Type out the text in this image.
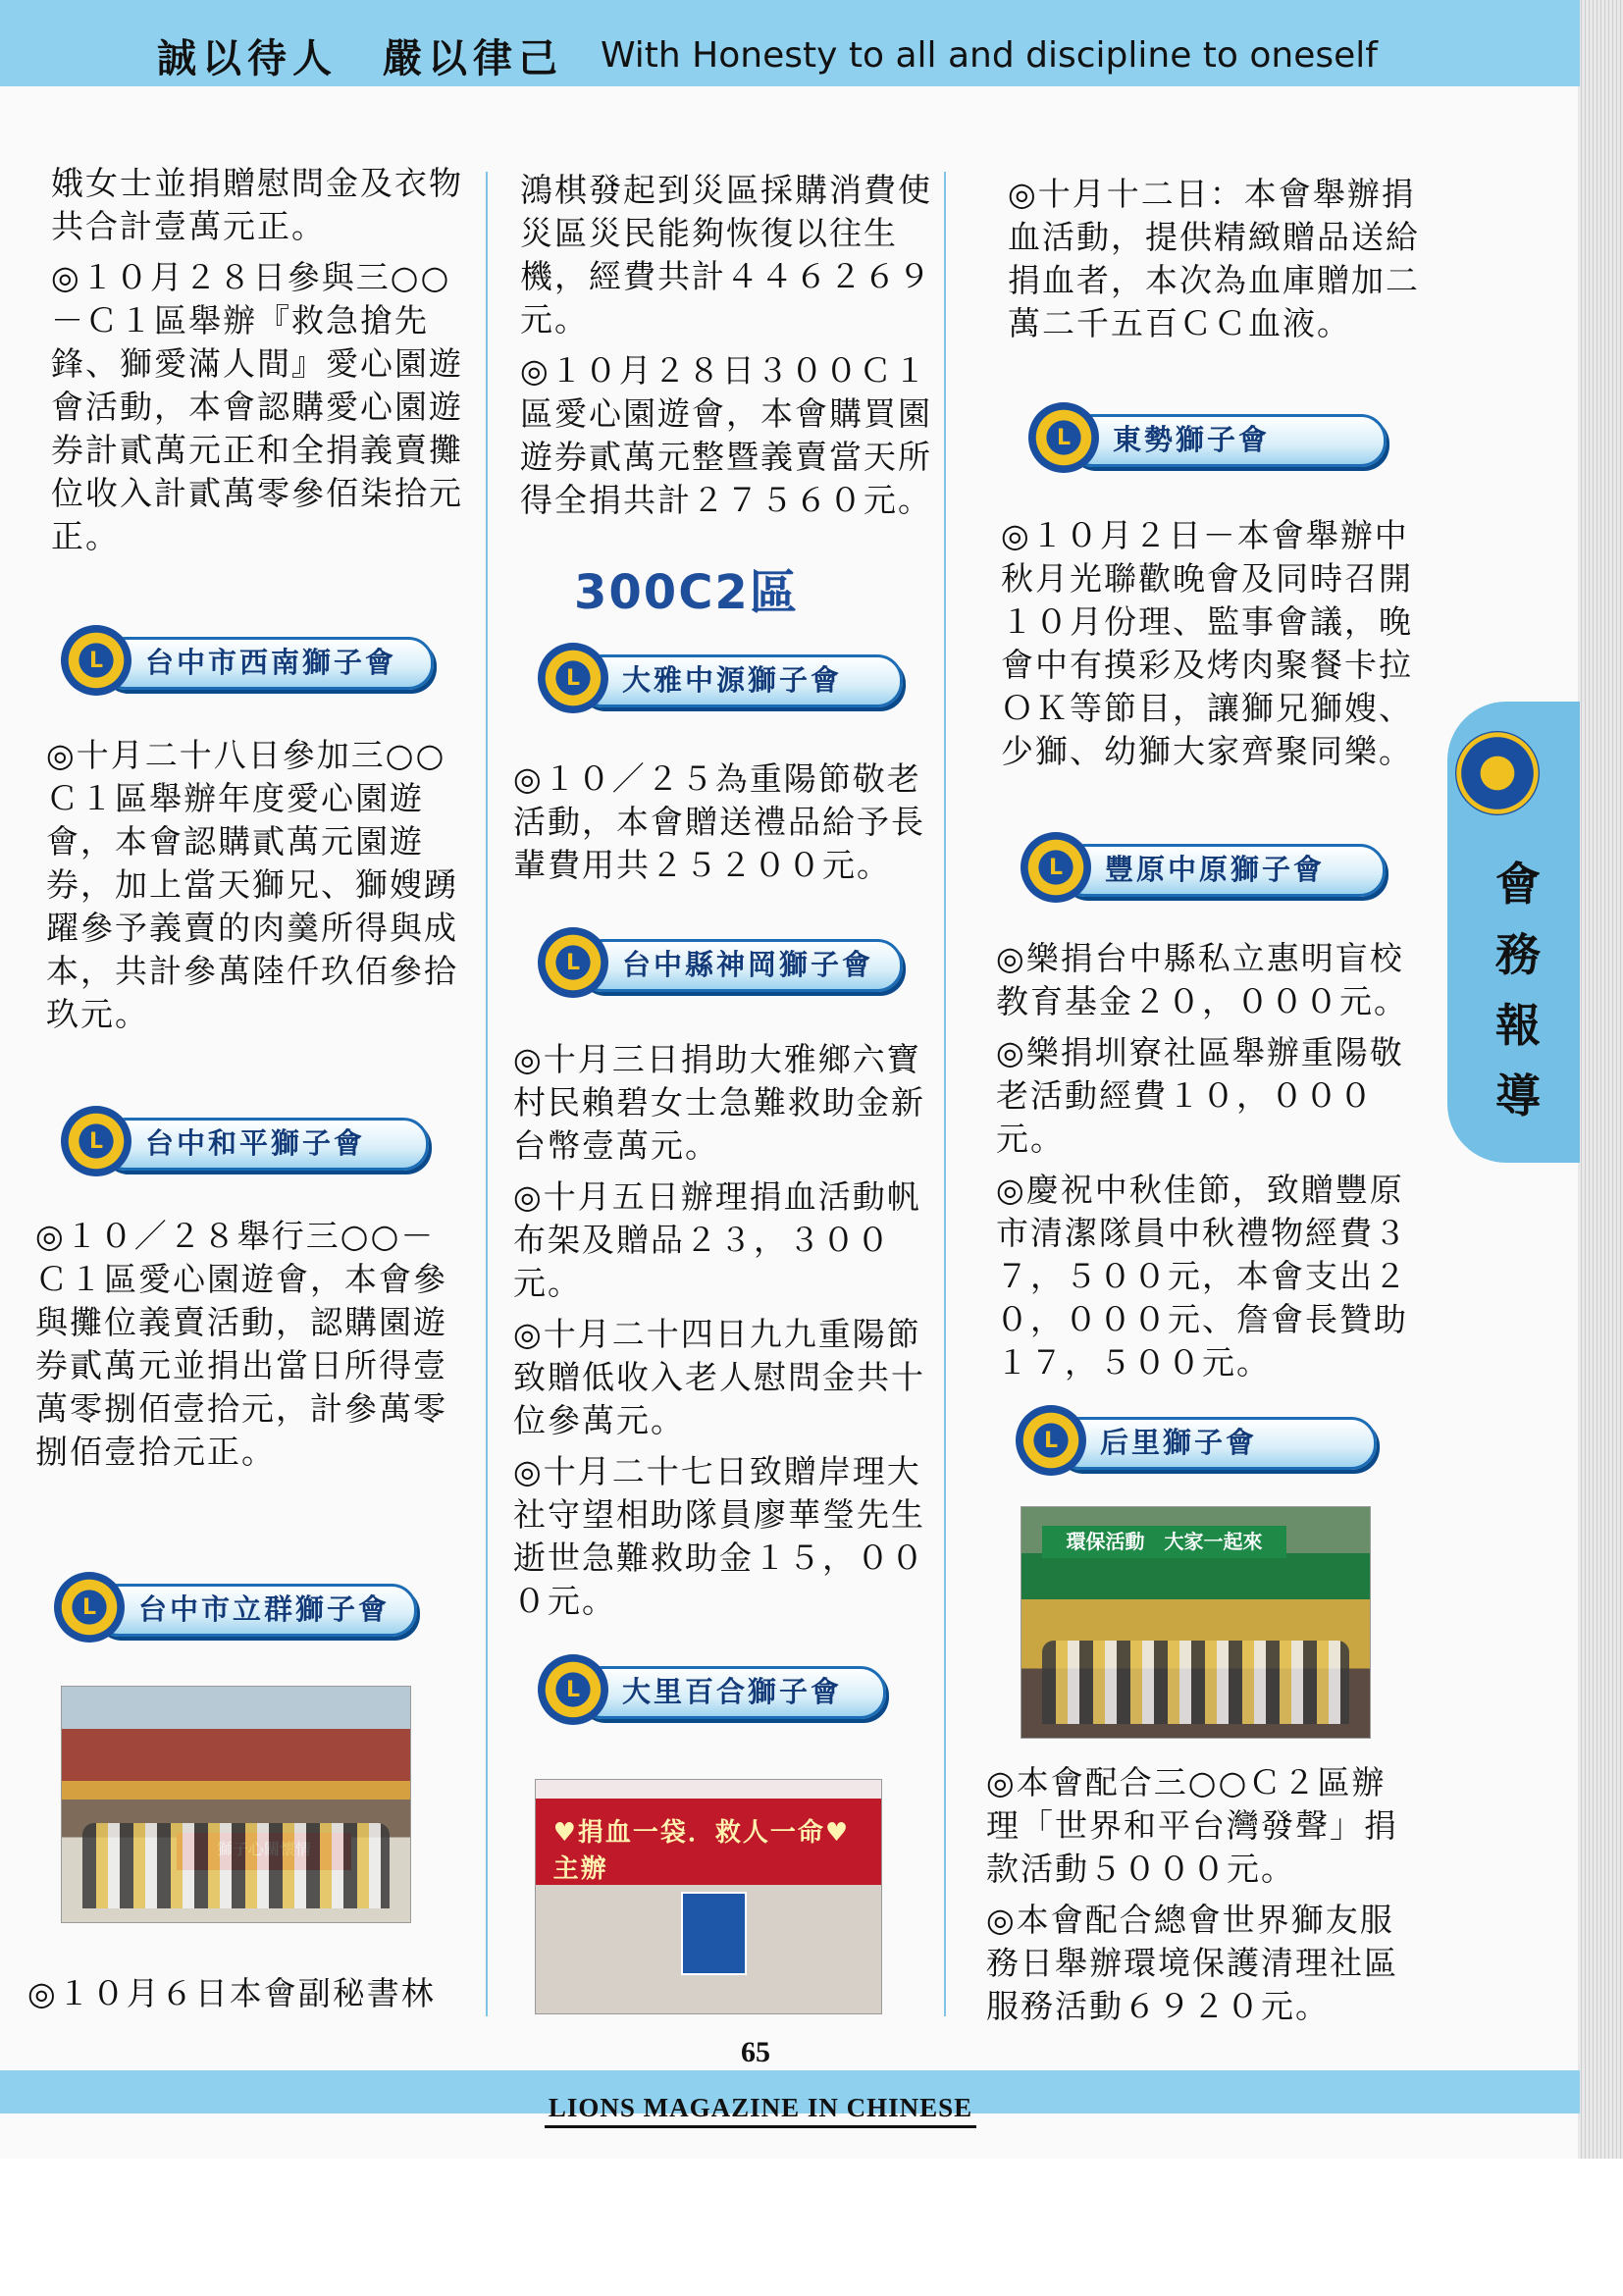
誠以待人　嚴以律己 With Honesty to all and discipline to oneself

娥女士並捐贈慰問金及衣物共合計壹萬元正。

◎１０月２８日參與三○○－Ｃ１區舉辦『救急搶先鋒、獅愛滿人間』愛心園遊會活動，本會認購愛心園遊券計貳萬元正和全捐義賣攤位收入計貳萬零參佰柒拾元正。

L	台中市西南獅子會

◎十月二十八日參加三○○Ｃ１區舉辦年度愛心園遊會，本會認購貳萬元園遊券，加上當天獅兄、獅嫂踴躍參予義賣的肉羹所得與成本，共計參萬陸仟玖佰參拾玖元。

L	台中和平獅子會

◎１０／２８舉行三○○－Ｃ１區愛心園遊會，本會參與攤位義賣活動，認購園遊券貳萬元並捐出當日所得壹萬零捌佰壹拾元，計參萬零捌佰壹拾元正。

L	台中市立群獅子會

◎１０月６日本會副秘書林

鴻棋發起到災區採購消費使災區災民能夠恢復以往生機，經費共計４４６２６９元。

◎１０月２８日３００Ｃ１區愛心園遊會，本會購買園遊券貳萬元整暨義賣當天所得全捐共計２７５６０元。

300C2區
L	大雅中源獅子會

◎１０／２５為重陽節敬老活動，本會贈送禮品給予長輩費用共２５２００元。

L	台中縣神岡獅子會

◎十月三日捐助大雅鄉六寶村民賴碧女士急難救助金新台幣壹萬元。

◎十月五日辦理捐血活動帆布架及贈品２３，３００元。

◎十月二十四日九九重陽節致贈低收入老人慰問金共十位參萬元。

◎十月二十七日致贈岸理大社守望相助隊員廖華瑩先生逝世急難救助金１５，０００元。

L	大里百合獅子會
♥捐血一袋．救人一命♥ 主辦

◎十月十二日：本會舉辦捐血活動，提供精緻贈品送給捐血者，本次為血庫贈加二萬二千五百ＣＣ血液。

L	東勢獅子會

◎１０月２日－本會舉辦中秋月光聯歡晚會及同時召開１０月份理、監事會議，晚會中有摸彩及烤肉聚餐卡拉ＯＫ等節目，讓獅兄獅嫂、少獅、幼獅大家齊聚同樂。

L	豐原中原獅子會

◎樂捐台中縣私立惠明盲校教育基金２０，０００元。

◎樂捐圳寮社區舉辦重陽敬老活動經費１０，０００元。

◎慶祝中秋佳節，致贈豐原市清潔隊員中秋禮物經費３７，５００元，本會支出２０，０００元、詹會長贊助１７，５００元。

L	后里獅子會
環保活動　大家一起來

◎本會配合三○○Ｃ２區辦理「世界和平台灣發聲」捐款活動５０００元。

◎本會配合總會世界獅友服務日舉辦環境保護清理社區服務活動６９２０元。

會務報導
65
LIONS MAGAZINE IN CHINESE
